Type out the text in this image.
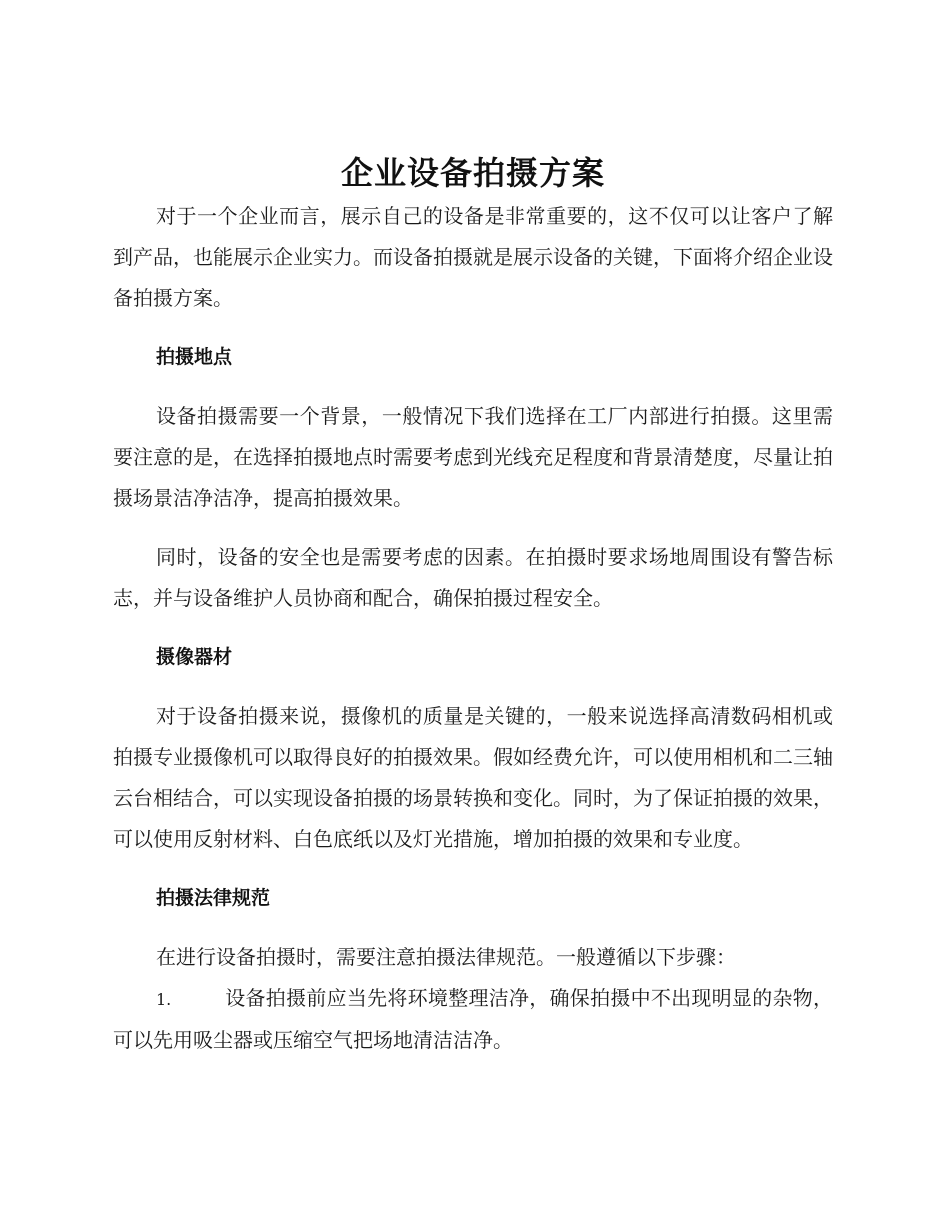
企业设备拍摄方案

对于一个企业而言，展示自己的设备是非常重要的，这不仅可以让客户了解到产品，也能展示企业实力。而设备拍摄就是展示设备的关键，下面将介绍企业设备拍摄方案。

拍摄地点

设备拍摄需要一个背景，一般情况下我们选择在工厂内部进行拍摄。这里需要注意的是，在选择拍摄地点时需要考虑到光线充足程度和背景清楚度，尽量让拍摄场景洁净洁净，提高拍摄效果。

同时，设备的安全也是需要考虑的因素。在拍摄时要求场地周围设有警告标志，并与设备维护人员协商和配合，确保拍摄过程安全。

摄像器材

对于设备拍摄来说，摄像机的质量是关键的，一般来说选择高清数码相机或拍摄专业摄像机可以取得良好的拍摄效果。假如经费允许，可以使用相机和二三轴云台相结合，可以实现设备拍摄的场景转换和变化。同时，为了保证拍摄的效果，可以使用反射材料、白色底纸以及灯光措施，增加拍摄的效果和专业度。

拍摄法律规范

在进行设备拍摄时，需要注意拍摄法律规范。一般遵循以下步骤：

1.	设备拍摄前应当先将环境整理洁净，确保拍摄中不出现明显的杂物，可以先用吸尘器或压缩空气把场地清洁洁净。
